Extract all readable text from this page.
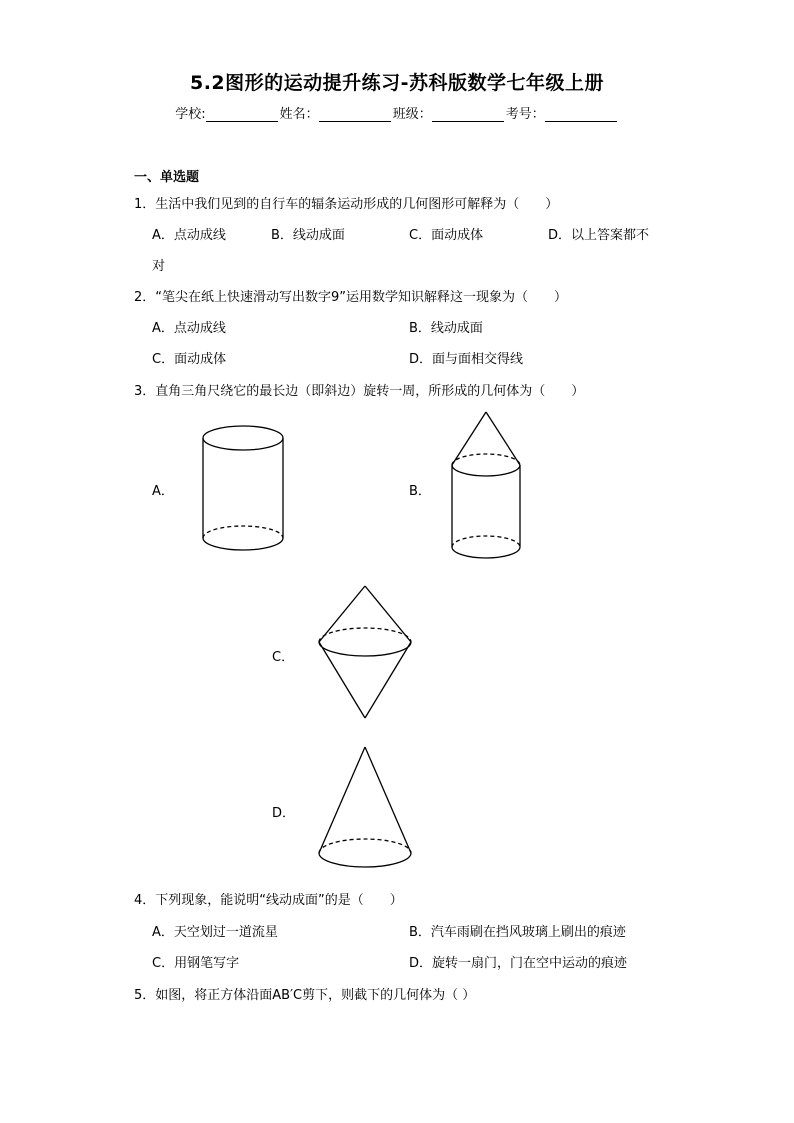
5.2图形的运动提升练习-苏科版数学七年级上册
学校:	姓名：	班级：	考号：
一、单选题
1．生活中我们见到的自行车的辐条运动形成的几何图形可解释为（　　）
A．点动成线	B．线动成面	C．面动成体	D．以上答案都不
对
2．“笔尖在纸上快速滑动写出数字9”运用数学知识解释这一现象为（　　）
A．点动成线	B．线动成面
C．面动成体	D．面与面相交得线
3．直角三角尺绕它的最长边（即斜边）旋转一周，所形成的几何体为（　　）
A．	B．
C．
D．
4．下列现象，能说明“线动成面”的是（　　）
A．天空划过一道流星	B．汽车雨刷在挡风玻璃上刷出的痕迹
C．用钢笔写字	D．旋转一扇门，门在空中运动的痕迹
5．如图，将正方体沿面AB′C剪下，则截下的几何体为（ ）
